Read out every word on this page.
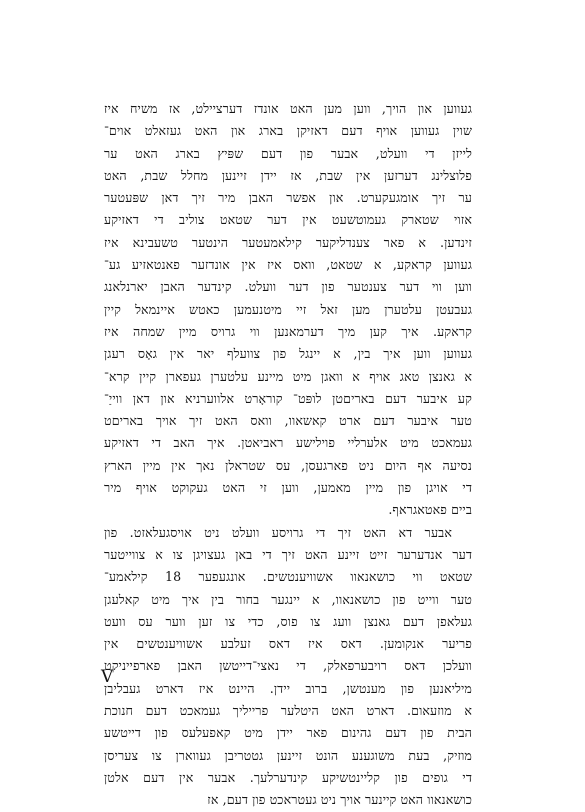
געווען און הויך, ווען מען האט אונדז דערציילט, אז משיח איז
שוין געווען אויף דעם דאזיקן בארג און האט געזאלט אוים־
לייזן די וועלט, אבער פון דעם שפּיץ בארג האט ער
פלוצלינג דערזען אין שבת, אז יידן זיינען מחלל שבת, האט
ער זיך אומגעקערט. און אפשר האבן מיר זיך דאן שפּעטער
אזוי שטארק געמוטשעט אין דער שטאט צוליב די דאזיקע
זינדען. א פאר צענדליקער קילאמעטער הינטער טשעבינא איז
געווען קראקע, א שטאט, וואס איז אין אונדזער פאנטאזיע גע־
ווען ווי דער צענטער פון דער וועלט. קינדער האבן יארנלאנג
געבעטן עלטערן מען זאל זיי מיטנעמען כאטש איינמאל קיין
קראקע. איך קען מיך דערמאנען ווי גרויס מיין שמחה איז
געווען ווען איך בין, א יינגל פון צוועלף יאר אין גאָס רעגן
א גאנצן טאג אויף א וואגן מיט מיינע עלטערן געפארן קיין קרא־
קע איבער דעם באריםטן לופּט־ קוראָרט אלווערניא און דאן ווייַ־
טער איבער דעם ארט קאשאוו, וואס האט זיך אויך באריםט
געמאכט מיט אלערליי פוילישע ראביאטן. איך האב די דאזיקע
נסיעה אף היום ניט פארגעסן, עס שטראלן נאך אין מיין הארץ
די אויגן פון מיין מאמען, ווען זי האט געקוקט אויף מיר
ביים פאטאגראף.
אבער דא האט זיך די גרויסע וועלט ניט אויסגעלאזט. פון
דער אנדערער זייט זיינע האט זיך די באן געצויגן צו א צווייטער
שטאט ווי כושאנאוו אשוויענטשים. אונגעפער 18 קילאמע־
טער ווייט פון כושאנאוו, א יינגער בחור בין איך מיט קאלעגן
געלאפן דעם גאנצן וועג צו פוס, כדי צו זען ווער עס וועט
פריער אנקומען. דאס איז דאס זעלבע אשוויענטשים אין
וועלכן דאס רויבערפאלק, די נאצי־דייטשן האבן פארפייניקט
מיליאנען פון מענטשן, ברוב יידן. היינט איז דארט געבליבן
א מוזעאום. דארט האט היטלער פרייליך געמאכט דעם חנוכת
הבית פון דעם גהינום פאר יידן מיט קאפעלעס פון דייטשע
מוזיק, בעת משוגענע הונט זיינען גטטריבן געווארן צו צעריסן
די גופים פון קליינטשיקע קינדערלעך. אבער אין דעם אלטן
כושאנאוו האט קיינער אויך ניט געטראכט פון דעם, אז
V
